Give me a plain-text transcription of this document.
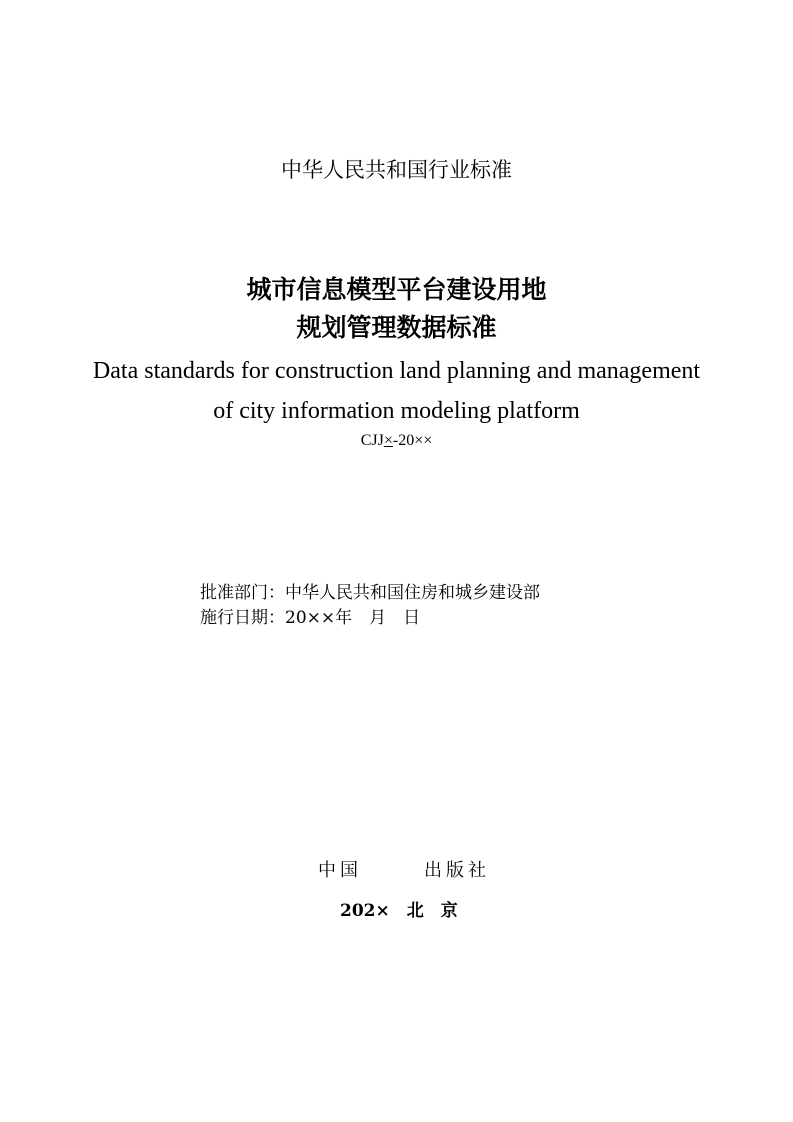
中华人民共和国行业标准
城市信息模型平台建设用地
规划管理数据标准
Data standards for construction land planning and management
of city information modeling platform
CJJ×-20××
批准部门：中华人民共和国住房和城乡建设部
施行日期：20××年　月　日
中国	出版社
202×　北　京
